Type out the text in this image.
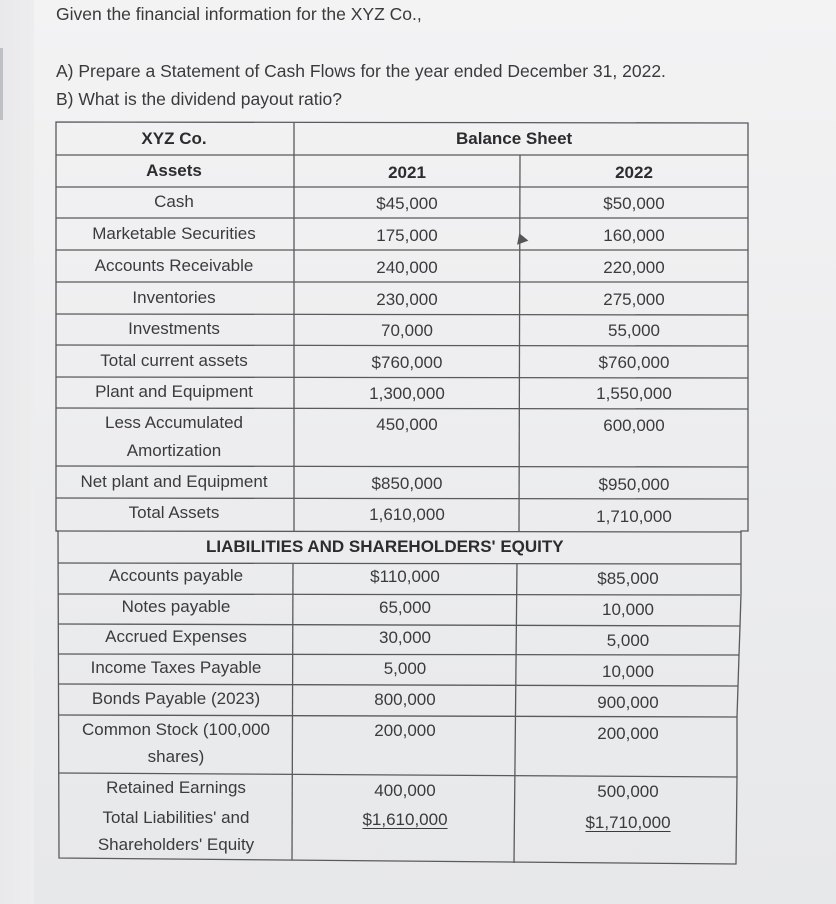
Given the financial information for the XYZ Co.,
A) Prepare a Statement of Cash Flows for the year ended December 31, 2022.
B) What is the dividend payout ratio?
XYZ Co.	Balance Sheet
Assets	2021	2022
Cash	$45,000	$50,000
Marketable Securities	175,000	160,000
Accounts Receivable	240,000	220,000
Inventories	230,000	275,000
Investments	70,000	55,000
Total current assets	$760,000	$760,000
Plant and Equipment	1,300,000	1,550,000
Less Accumulated
Amortization
450,000	600,000
Net plant and Equipment	$850,000	$950,000
Total Assets	1,610,000	1,710,000
LIABILITIES AND SHAREHOLDERS' EQUITY
Accounts payable	$110,000	$85,000
Notes payable	65,000	10,000
Accrued Expenses	30,000	5,000
Income Taxes Payable	5,000	10,000
Bonds Payable (2023)	800,000	900,000
Common Stock (100,000
shares)
200,000	200,000
Retained Earnings	400,000	500,000
Total Liabilities' and
Shareholders' Equity
$1,610,000	$1,710,000
